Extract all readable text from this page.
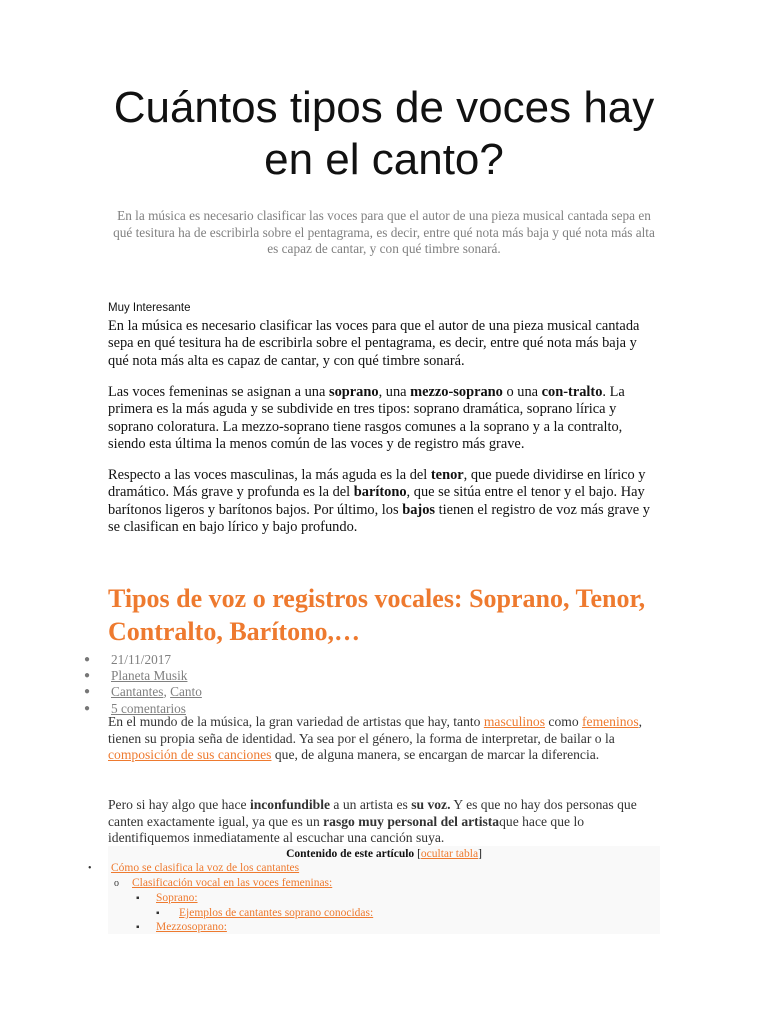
Cuántos tipos de voces hay en el canto?
En la música es necesario clasificar las voces para que el autor de una pieza musical cantada sepa en qué tesitura ha de escribirla sobre el pentagrama, es decir, entre qué nota más baja y qué nota más alta es capaz de cantar, y con qué timbre sonará.
Muy Interesante
En la música es necesario clasificar las voces para que el autor de una pieza musical cantada sepa en qué tesitura ha de escribirla sobre el pentagrama, es decir, entre qué nota más baja y qué nota más alta es capaz de cantar, y con qué timbre sonará.
Las voces femeninas se asignan a una soprano, una mezzo-soprano o una con-tralto. La primera es la más aguda y se subdivide en tres tipos: soprano dramática, soprano lírica y soprano coloratura. La mezzo-soprano tiene rasgos comunes a la soprano y a la contralto, siendo esta última la menos común de las voces y de registro más grave.
Respecto a las voces masculinas, la más aguda es la del tenor, que puede dividirse en lírico y dramático. Más grave y profunda es la del barítono, que se sitúa entre el tenor y el bajo. Hay barítonos ligeros y barítonos bajos. Por último, los bajos tienen el registro de voz más grave y se clasifican en bajo lírico y bajo profundo.
Tipos de voz o registros vocales: Soprano, Tenor, Contralto, Barítono,…
● 21/11/2017
● Planeta Musik
● Cantantes, Canto
● 5 comentarios
En el mundo de la música, la gran variedad de artistas que hay, tanto masculinos como femeninos, tienen su propia seña de identidad. Ya sea por el género, la forma de interpretar, de bailar o la composición de sus canciones que, de alguna manera, se encargan de marcar la diferencia.
Pero si hay algo que hace inconfundible a un artista es su voz. Y es que no hay dos personas que canten exactamente igual, ya que es un rasgo muy personal del artistaque hace que lo identifiquemos inmediatamente al escuchar una canción suya.
Contenido de este artículo [ocultar tabla]
• Cómo se clasifica la voz de los cantantes
o Clasificación vocal en las voces femeninas:
▪ Soprano:
▪ Ejemplos de cantantes soprano conocidas:
▪ Mezzosoprano:
